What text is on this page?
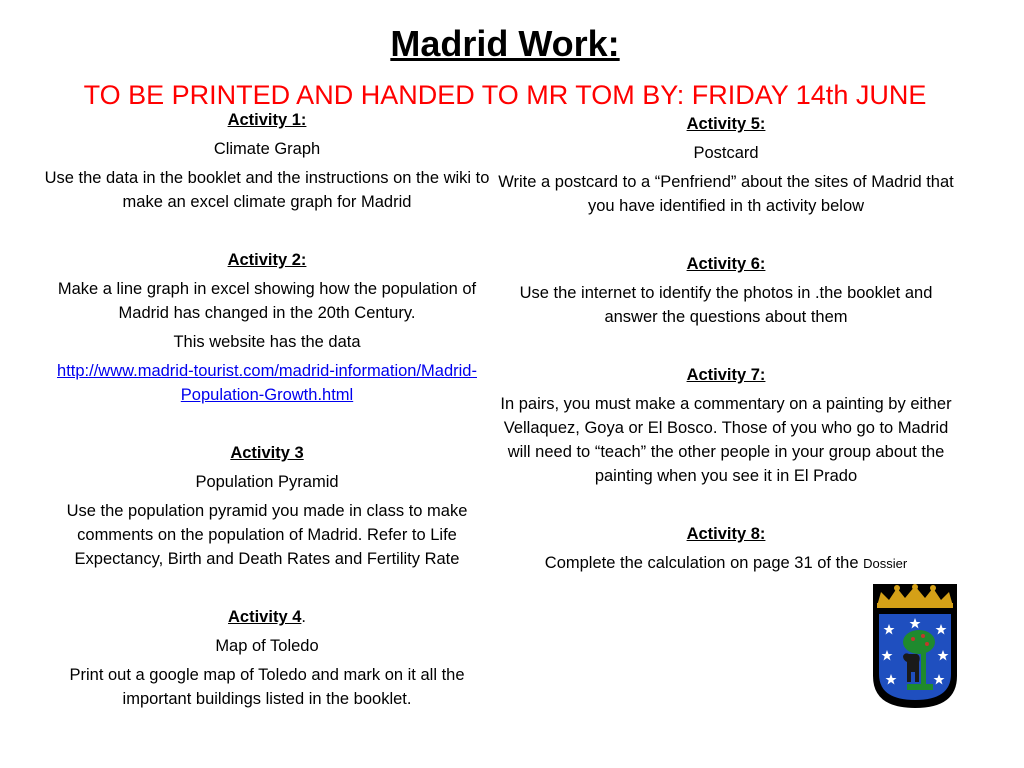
Madrid Work:
TO BE PRINTED AND HANDED TO MR TOM BY: FRIDAY 14th JUNE

Activity 1:

Climate Graph

Use the data in the booklet and the instructions on the wiki to make an excel climate graph for Madrid

Activity 2:

Make a line graph in excel showing how the population of Madrid has changed in the 20th Century.

This website has the data

http://www.madrid-tourist.com/madrid-information/Madrid-Population-Growth.html

Activity 3

Population Pyramid

Use the population pyramid you made in class to make comments on the population of Madrid. Refer to Life Expectancy, Birth and Death Rates and Fertility Rate

Activity 4.

Map of Toledo

Print out a google map of Toledo and mark on it all the important buildings listed in the booklet.

Activity 5:

Postcard

Write a postcard to a “Penfriend” about the sites of Madrid that you have identified in th activity below

Activity 6:

Use the internet to identify the photos in .the booklet and answer the questions about them

Activity 7:

In pairs, you must make a commentary on a painting by either Vellaquez, Goya or El Bosco. Those of you who go to Madrid will need to “teach” the other people in your group about the painting when you see it in El Prado

Activity 8:

Complete the calculation on page 31 of the Dossier
